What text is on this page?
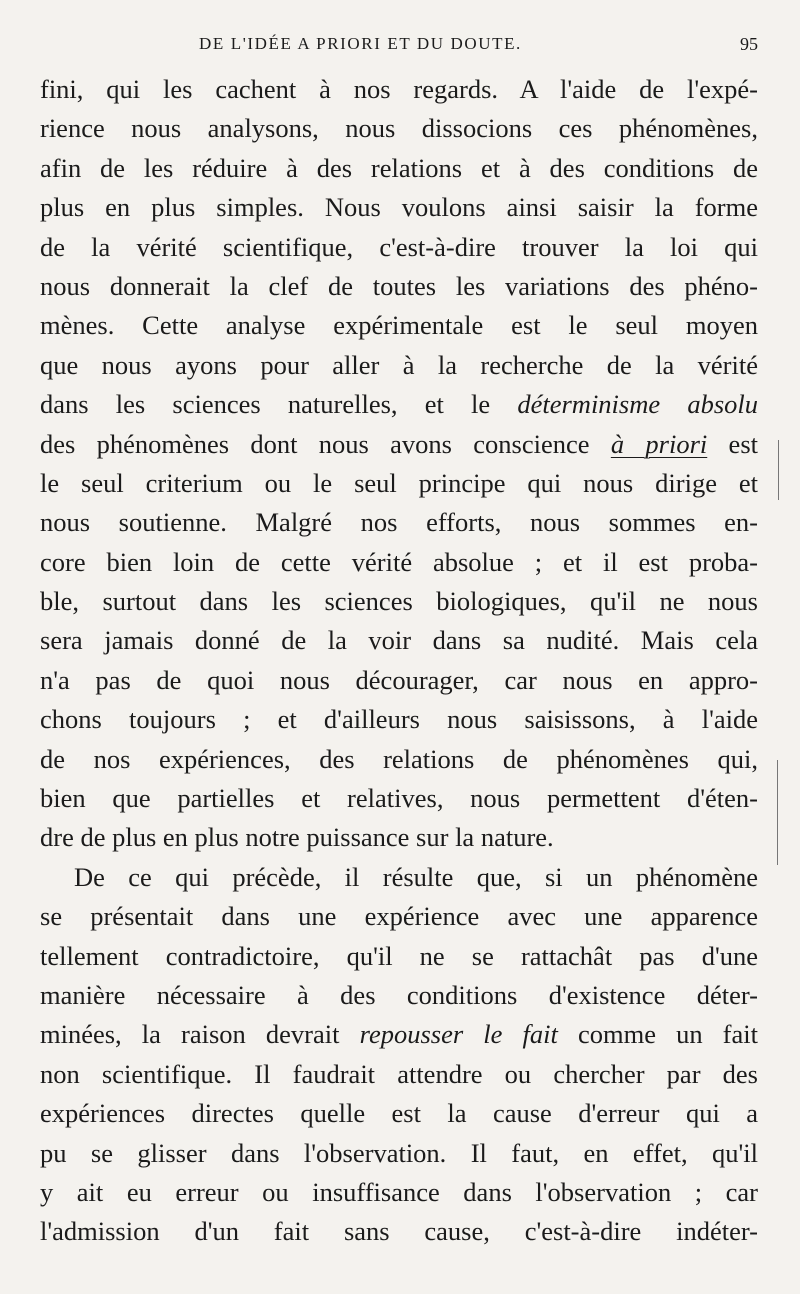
DE L'IDÉE A PRIORI ET DU DOUTE.	95
fini, qui les cachent à nos regards. A l'aide de l'expé-
rience nous analysons, nous dissocions ces phénomènes,
afin de les réduire à des relations et à des conditions de
plus en plus simples. Nous voulons ainsi saisir la forme
de la vérité scientifique, c'est-à-dire trouver la loi qui
nous donnerait la clef de toutes les variations des phéno-
mènes. Cette analyse expérimentale est le seul moyen
que nous ayons pour aller à la recherche de la vérité
dans les sciences naturelles, et le déterminisme absolu
des phénomènes dont nous avons conscience à priori est
le seul criterium ou le seul principe qui nous dirige et
nous soutienne. Malgré nos efforts, nous sommes en-
core bien loin de cette vérité absolue ; et il est proba-
ble, surtout dans les sciences biologiques, qu'il ne nous
sera jamais donné de la voir dans sa nudité. Mais cela
n'a pas de quoi nous décourager, car nous en appro-
chons toujours ; et d'ailleurs nous saisissons, à l'aide
de nos expériences, des relations de phénomènes qui,
bien que partielles et relatives, nous permettent d'éten-
dre de plus en plus notre puissance sur la nature.
De ce qui précède, il résulte que, si un phénomène
se présentait dans une expérience avec une apparence
tellement contradictoire, qu'il ne se rattachât pas d'une
manière nécessaire à des conditions d'existence déter-
minées, la raison devrait repousser le fait comme un fait
non scientifique. Il faudrait attendre ou chercher par des
expériences directes quelle est la cause d'erreur qui a
pu se glisser dans l'observation. Il faut, en effet, qu'il
y ait eu erreur ou insuffisance dans l'observation ; car
l'admission d'un fait sans cause, c'est-à-dire indéter-
